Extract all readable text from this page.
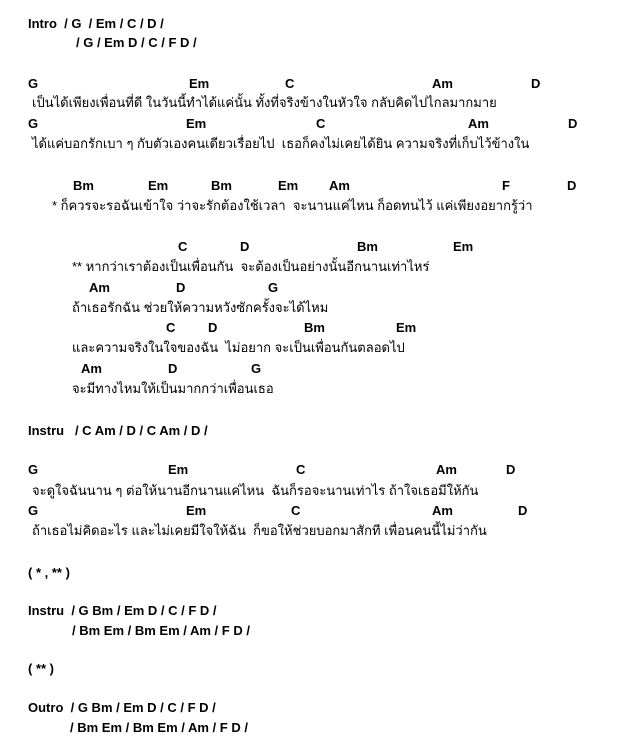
Intro  / G  / Em / C / D /
/ G / Em D / C / F D /
G	Em	C	Am	D
เป็นได้เพียงเพื่อนที่ดี ในวันนี้ทำได้แค่นั้น ทั้งที่จริงข้างในหัวใจ กลับคิดไปไกลมากมาย
G	Em	C	Am	D
ได้แค่บอกรักเบา ๆ กับตัวเองคนเดียวเรื่อยไป  เธอก็คงไม่เคยได้ยิน ความจริงที่เก็บไว้ข้างใน
Bm	Em	Bm	Em Am	F	D
* ก็ควรจะรอฉันเข้าใจ ว่าจะรักต้องใช้เวลา  จะนานแค่ไหน ก็อดทนไว้ แค่เพียงอยากรู้ว่า
C	D	Bm	Em
** หากว่าเราต้องเป็นเพื่อนกัน  จะต้องเป็นอย่างนั้นอีกนานเท่าไหร่
Am	D	G
ถ้าเธอรักฉัน ช่วยให้ความหวังซักครั้งจะได้ไหม
C	D	Bm	Em
และความจริงในใจของฉัน  ไม่อยาก จะเป็นเพื่อนกันตลอดไป
Am	D	G
จะมีทางไหมให้เป็นมากกว่าเพื่อนเธอ
Instru   / C Am / D / C Am / D /
G	Em	C	Am	D
จะดูใจฉันนาน ๆ ต่อให้นานอีกนานแค่ไหน  ฉันก็รอจะนานเท่าไร ถ้าใจเธอมีให้กัน
G	Em	C	Am	D
ถ้าเธอไม่คิดอะไร และไม่เคยมีใจให้ฉัน  ก็ขอให้ช่วยบอกมาสักที เพื่อนคนนี้ไม่ว่ากัน
( * , ** )
Instru  / G Bm / Em D / C / F D /
/ Bm Em / Bm Em / Am / F D /
( ** )
Outro  / G Bm / Em D / C / F D /
/ Bm Em / Bm Em / Am / F D /
